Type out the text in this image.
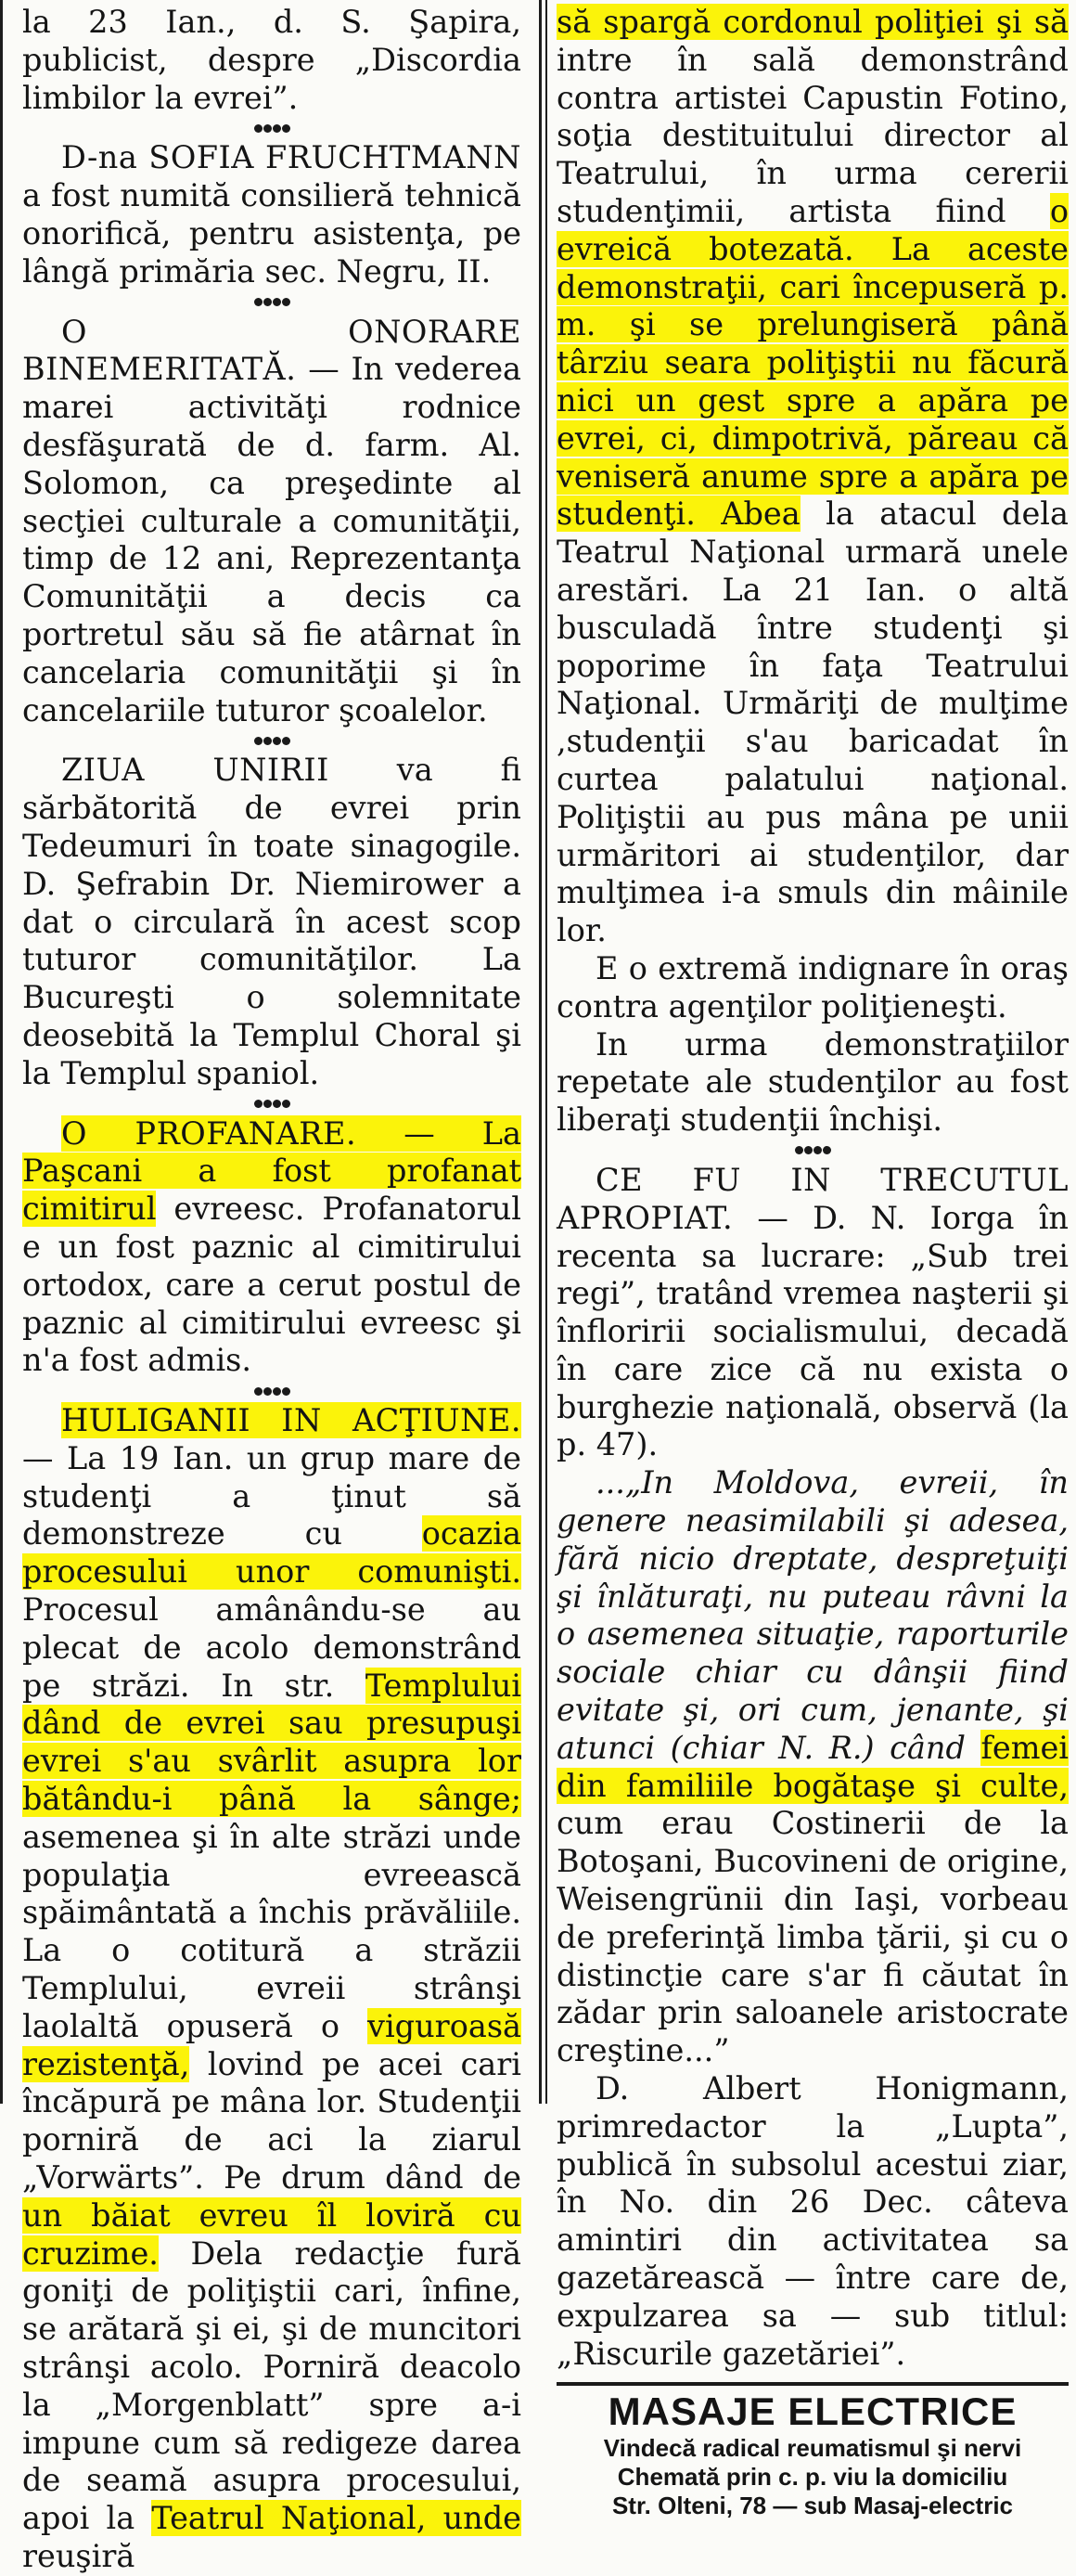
la 23 Ian., d. S. Şapira, publicist, despre „Discordia limbilor la evrei”.

D-na SOFIA FRUCHTMANN a fost numită consilieră tehnică onorifică, pentru asistenţa, pe lângă primăria sec. Negru, II.

O ONORARE BINEMERITATĂ. — In vederea marei activităţi rodnice desfăşurată de d. farm. Al. Solomon, ca preşedinte al secţiei culturale a comunităţii, timp de 12 ani, Reprezentanţa Comunităţii a decis ca portretul său să fie atârnat în cancelaria comunităţii şi în cancelariile tuturor şcoalelor.

ZIUA UNIRII va fi sărbătorită de evrei prin Tedeumuri în toate sinagogile. D. Şefrabin Dr. Niemirower a dat o circulară în acest scop tuturor comunităţilor. La Bucureşti o solemnitate deosebită la Templul Choral şi la Templul spaniol.

O PROFANARE. — La Paşcani a fost profanat cimitirul evreesc. Profanatorul e un fost paznic al cimitirului ortodox, care a cerut postul de paznic al cimitirului evreesc şi n'a fost admis.

HULIGANII IN ACŢIUNE. — La 19 Ian. un grup mare de studenţi a ţinut să demonstreze cu ocazia procesului unor comunişti. Procesul amânându-se au plecat de acolo demonstrând pe străzi. In str. Templului dând de evrei sau presupuşi evrei s'au svârlit asupra lor bătându-i până la sânge; asemenea şi în alte străzi unde populaţia evreească spăimântată a închis prăvăliile. La o cotitură a străzii Templului, evreii strânşi laolaltă opuseră o viguroasă rezistenţă, lovind pe acei cari încăpură pe mâna lor. Studenţii porniră de aci la ziarul „Vorwärts”. Pe drum dând de un băiat evreu îl loviră cu cruzime. Dela redacţie fură goniţi de poliţiştii cari, înfine, se arătară şi ei, şi de muncitori strânşi acolo. Porniră deacolo la „Morgenblatt” spre a-i impune cum să redigeze darea de seamă asupra procesului, apoi la Teatrul Naţional, unde reuşiră

să spargă cordonul poliţiei şi să intre în sală demonstrând contra artistei Capustin Fotino, soţia destituitului director al Teatrului, în urma cererii studenţimii, artista fiind o evreică botezată. La aceste demonstraţii, cari începuseră p. m. şi se prelungiseră până târziu seara poliţiştii nu făcură nici un gest spre a apăra pe evrei, ci, dimpotrivă, păreau că veniseră anume spre a apăra pe studenţi. Abea la atacul dela Teatrul Naţional urmară unele arestări. La 21 Ian. o altă busculadă între studenţi şi poporime în faţa Teatrului Naţional. Urmăriţi de mulţime ,studenţii s'au baricadat în curtea palatului naţional. Poliţiştii au pus mâna pe unii urmăritori ai studenţilor, dar mulţimea i-a smuls din mâinile lor.

E o extremă indignare în oraş contra agenţilor poliţieneşti.

In urma demonstraţiilor repetate ale studenţilor au fost liberaţi studenţii închişi.

CE FU IN TRECUTUL APROPIAT. — D. N. Iorga în recenta sa lucrare: „Sub trei regi”, tratând vremea naşterii şi înfloririi socialismului, decadă în care zice că nu exista o burghezie naţională, observă (la p. 47).

...„In Moldova, evreii, în genere neasimilabili şi adesea, fără nicio dreptate, despreţuiţi şi înlăturaţi, nu puteau râvni la o asemenea situaţie, raporturile sociale chiar cu dânşii fiind evitate şi, ori cum, jenante, şi atunci (chiar N. R.) când femei din familiile bogătaşe şi culte, cum erau Costinerii de la Botoşani, Bucovineni de origine, Weisengrünii din Iaşi, vorbeau de preferinţă limba ţării, şi cu o distincţie care s'ar fi căutat în zădar prin saloanele aristocrate creştine...”

D. Albert Honigmann, primredactor la „Lupta”, publică în subsolul acestui ziar, în No. din 26 Dec. câteva amintiri din activitatea sa gazetărească — între care de, expulzarea sa — sub titlul: „Riscurile gazetăriei”.

MASAJE ELECTRICE
Vindecă radical reumatismul şi nervi
Chemată prin c. p. viu la domiciliu
Str. Olteni, 78 — sub Masaj-electric
